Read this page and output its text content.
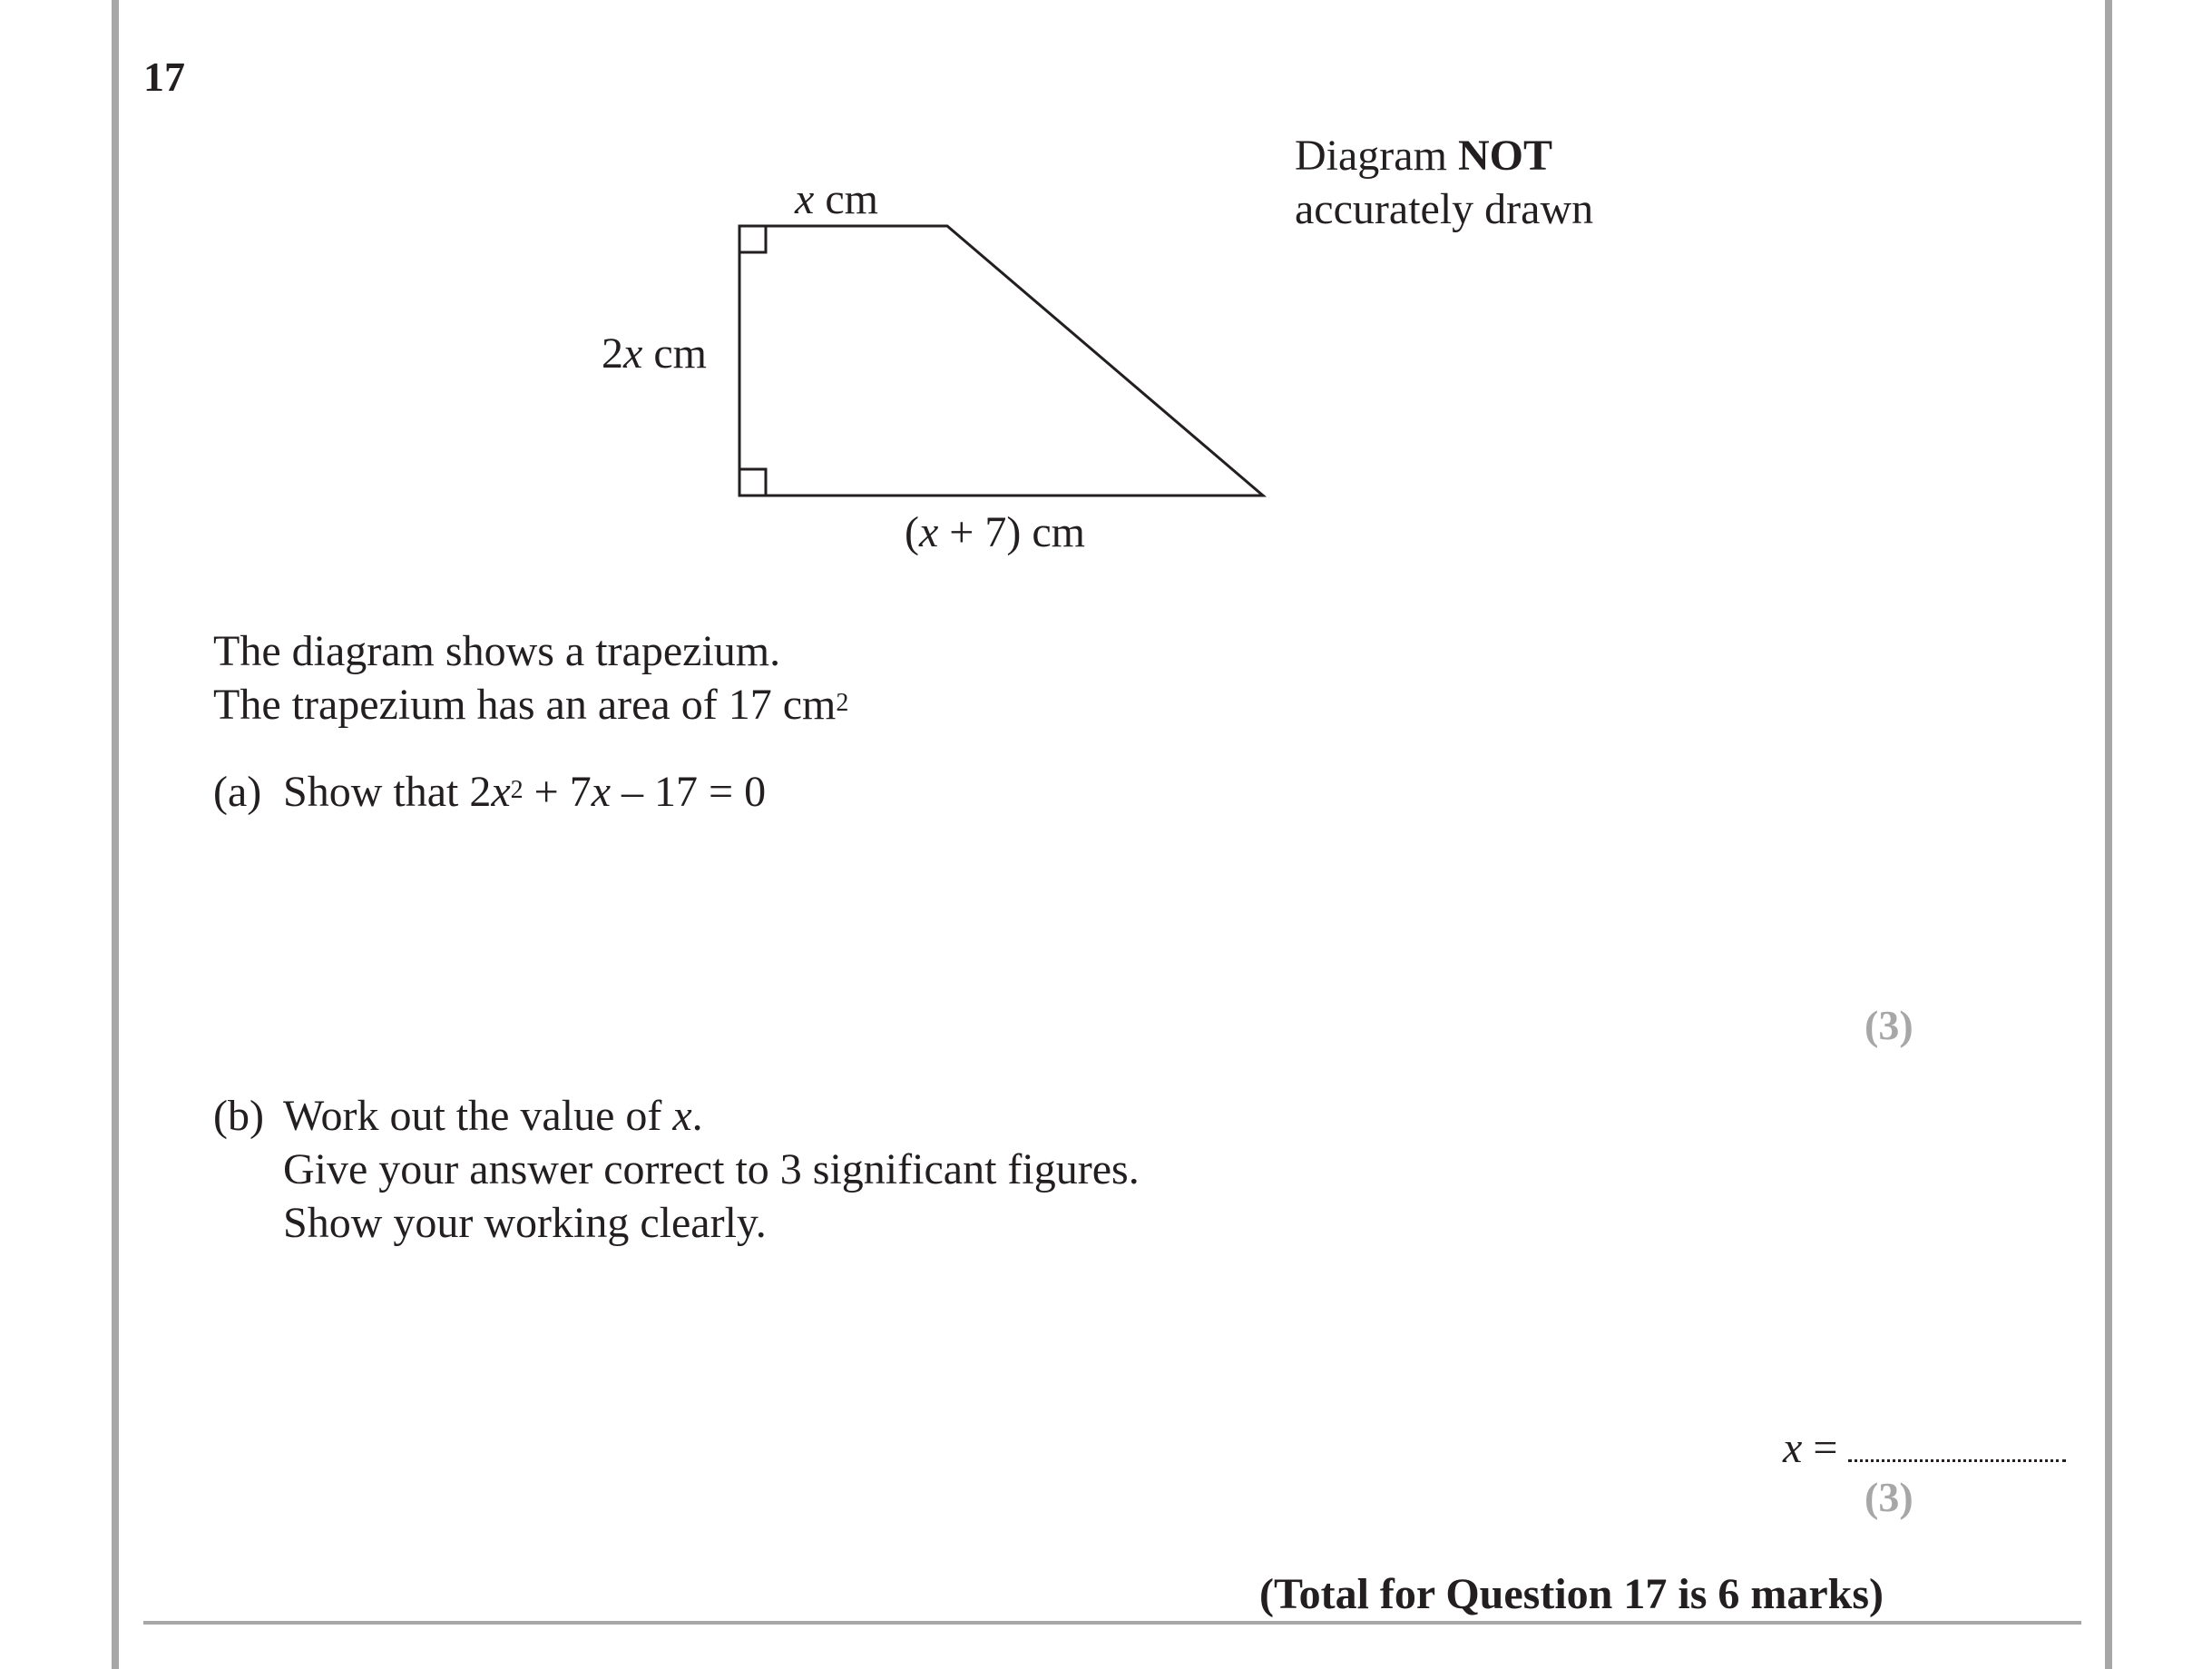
17
Diagram NOT
accurately drawn
x cm
2x cm
(x + 7) cm
The diagram shows a trapezium.
The trapezium has an area of 17 $cm^2$
(a) Show that $2x^2 + 7x - 17 = 0$
(3)
(b) Work out the value of x.
Give your answer correct to 3 significant figures.
Show your working clearly.
x =
(3)
(Total for Question 17 is 6 marks)
